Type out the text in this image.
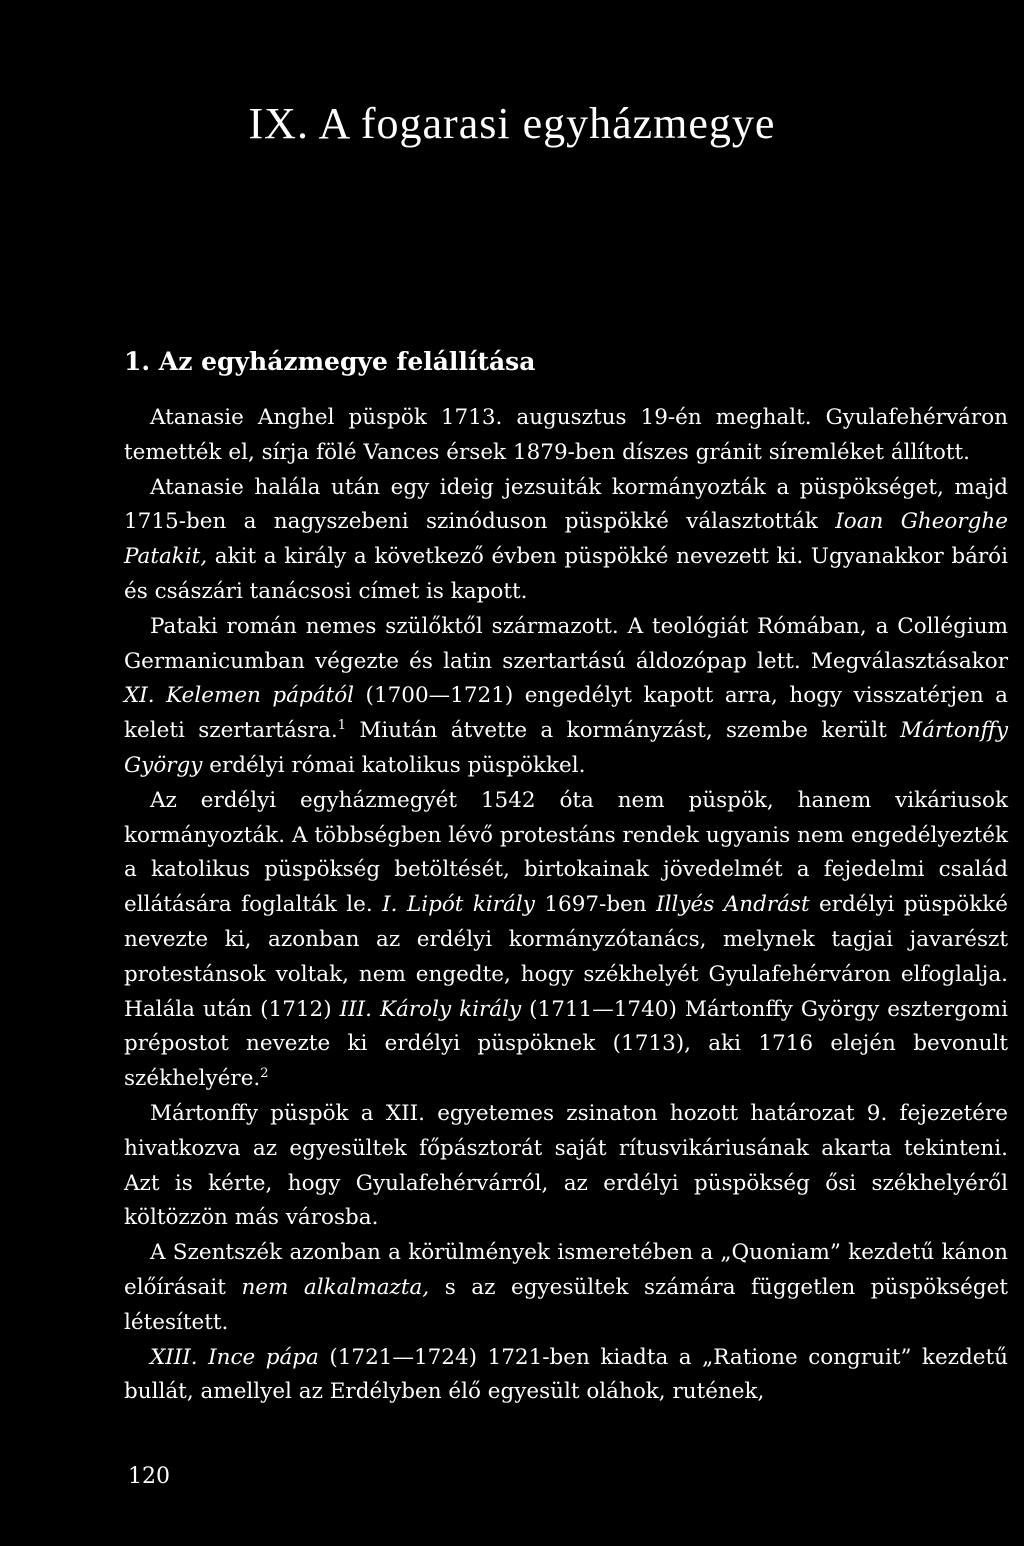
IX. A fogarasi egyházmegye
1. Az egyházmegye felállítása

Atanasie Anghel püspök 1713. augusztus 19-én meghalt. Gyulafehérváron temették el, sírja fölé Vances érsek 1879-ben díszes gránit síremléket állított.

Atanasie halála után egy ideig jezsuiták kormányozták a püspökséget, majd 1715-ben a nagyszebeni szinóduson püspökké választották Ioan Gheorghe Patakit, akit a király a következő évben püspökké nevezett ki. Ugyanakkor bárói és császári tanácsosi címet is kapott.

Pataki román nemes szülőktől származott. A teológiát Rómában, a Collégium Germanicumban végezte és latin szertartású áldozópap lett. Megválasztásakor XI. Kelemen pápától (1700—1721) engedélyt kapott arra, hogy visszatérjen a keleti szertartásra.$^1$ Miután átvette a kormányzást, szembe került Mártonffy György erdélyi római katolikus püspökkel.

Az erdélyi egyházmegyét 1542 óta nem püspök, hanem vikáriusok kormányozták. A többségben lévő protestáns rendek ugyanis nem engedélyezték a katolikus püspökség betöltését, birtokainak jövedelmét a fejedelmi család ellátására foglalták le. I. Lipót király 1697-ben Illyés Andrást erdélyi püspökké nevezte ki, azonban az erdélyi kormányzótanács, melynek tagjai javarészt protestánsok voltak, nem engedte, hogy székhelyét Gyulafehérváron elfoglalja. Halála után (1712) III. Károly király (1711—1740) Mártonffy György esztergomi prépostot nevezte ki erdélyi püspöknek (1713), aki 1716 elején bevonult székhelyére.$^2$

Mártonffy püspök a XII. egyetemes zsinaton hozott határozat 9. fejezetére hivatkozva az egyesültek főpásztorát saját rítusvikáriusának akarta tekinteni. Azt is kérte, hogy Gyulafehérvárról, az erdélyi püspökség ősi székhelyéről költözzön más városba.

A Szentszék azonban a körülmények ismeretében a „Quoniam” kezdetű kánon előírásait nem alkalmazta, s az egyesültek számára független püspökséget létesített.

XIII. Ince pápa (1721—1724) 1721-ben kiadta a „Ratione congruit” kezdetű bullát, amellyel az Erdélyben élő egyesült oláhok, rutének,

120
